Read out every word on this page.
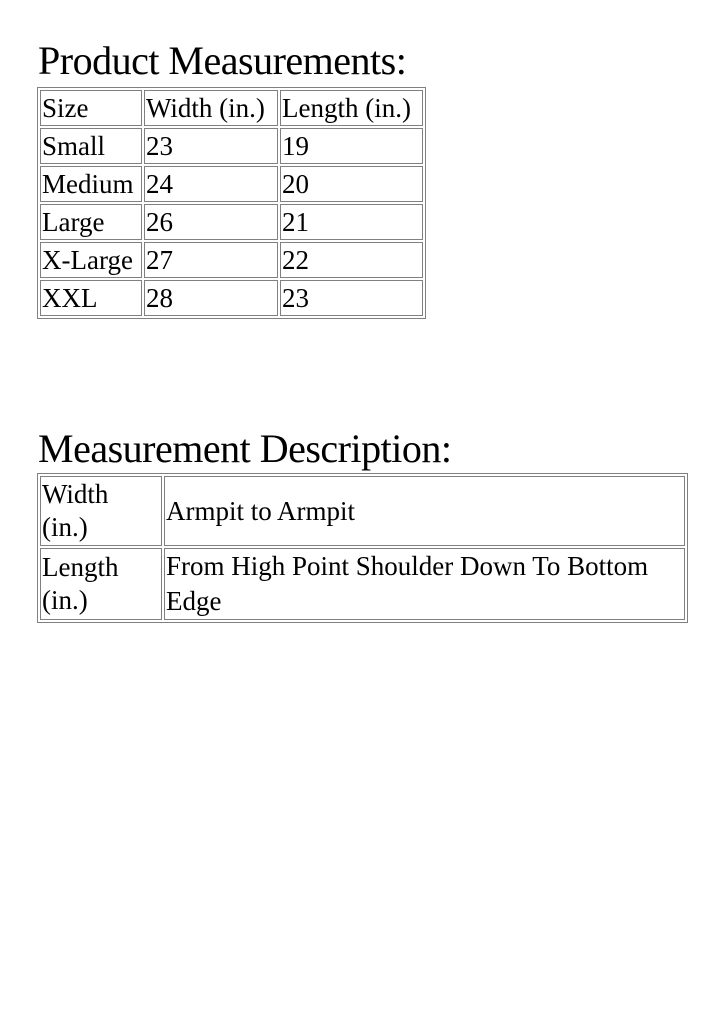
Product Measurements:
Size	Width (in.)	Length (in.)
Small	23	19
Medium	24	20
Large	26	21
X-Large	27	22
XXL	28	23
Measurement Description:
Width (in.)	Armpit to Armpit
Length (in.)	From High Point Shoulder Down To Bottom Edge
